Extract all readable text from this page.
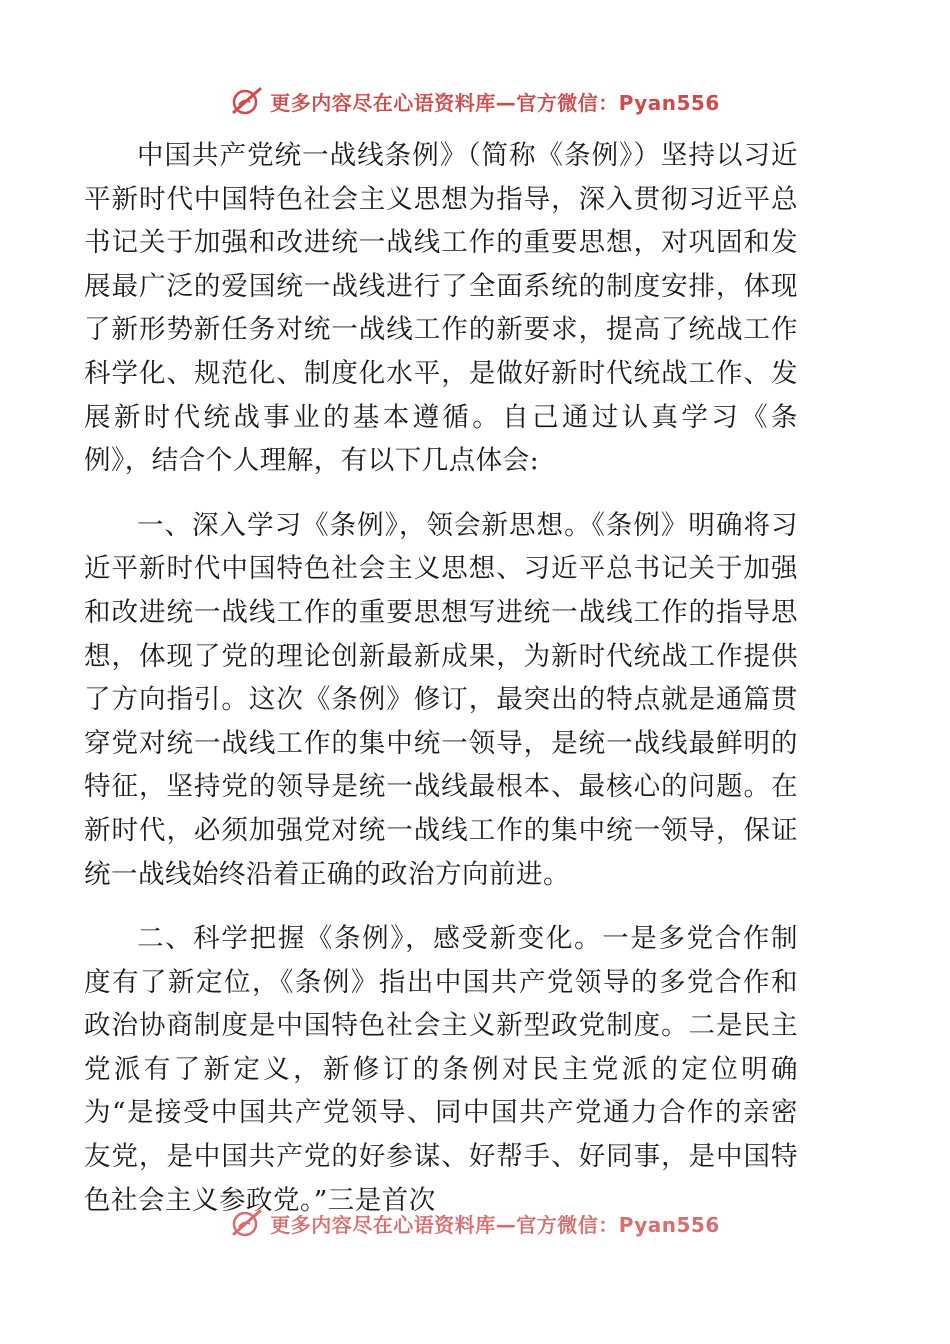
更多内容尽在心语资料库—官方微信：Pyan556

中国共产党统一战线条例》（简称《条例》）坚持以习近平新时代中国特色社会主义思想为指导，深入贯彻习近平总书记关于加强和改进统一战线工作的重要思想，对巩固和发展最广泛的爱国统一战线进行了全面系统的制度安排，体现了新形势新任务对统一战线工作的新要求，提高了统战工作科学化、规范化、制度化水平，是做好新时代统战工作、发展新时代统战事业的基本遵循。自己通过认真学习《条例》，结合个人理解，有以下几点体会:

一、深入学习《条例》，领会新思想。《条例》明确将习近平新时代中国特色社会主义思想、习近平总书记关于加强和改进统一战线工作的重要思想写进统一战线工作的指导思想，体现了党的理论创新最新成果，为新时代统战工作提供了方向指引。这次《条例》修订，最突出的特点就是通篇贯穿党对统一战线工作的集中统一领导，是统一战线最鲜明的特征，坚持党的领导是统一战线最根本、最核心的问题。在新时代，必须加强党对统一战线工作的集中统一领导，保证统一战线始终沿着正确的政治方向前进。

二、科学把握《条例》，感受新变化。一是多党合作制度有了新定位，《条例》指出中国共产党领导的多党合作和政治协商制度是中国特色社会主义新型政党制度。二是民主党派有了新定义，新修订的条例对民主党派的定位明确为“是接受中国共产党领导、同中国共产党通力合作的亲密友党，是中国共产党的好参谋、好帮手、好同事，是中国特色社会主义参政党。”三是首次

更多内容尽在心语资料库—官方微信：Pyan556
